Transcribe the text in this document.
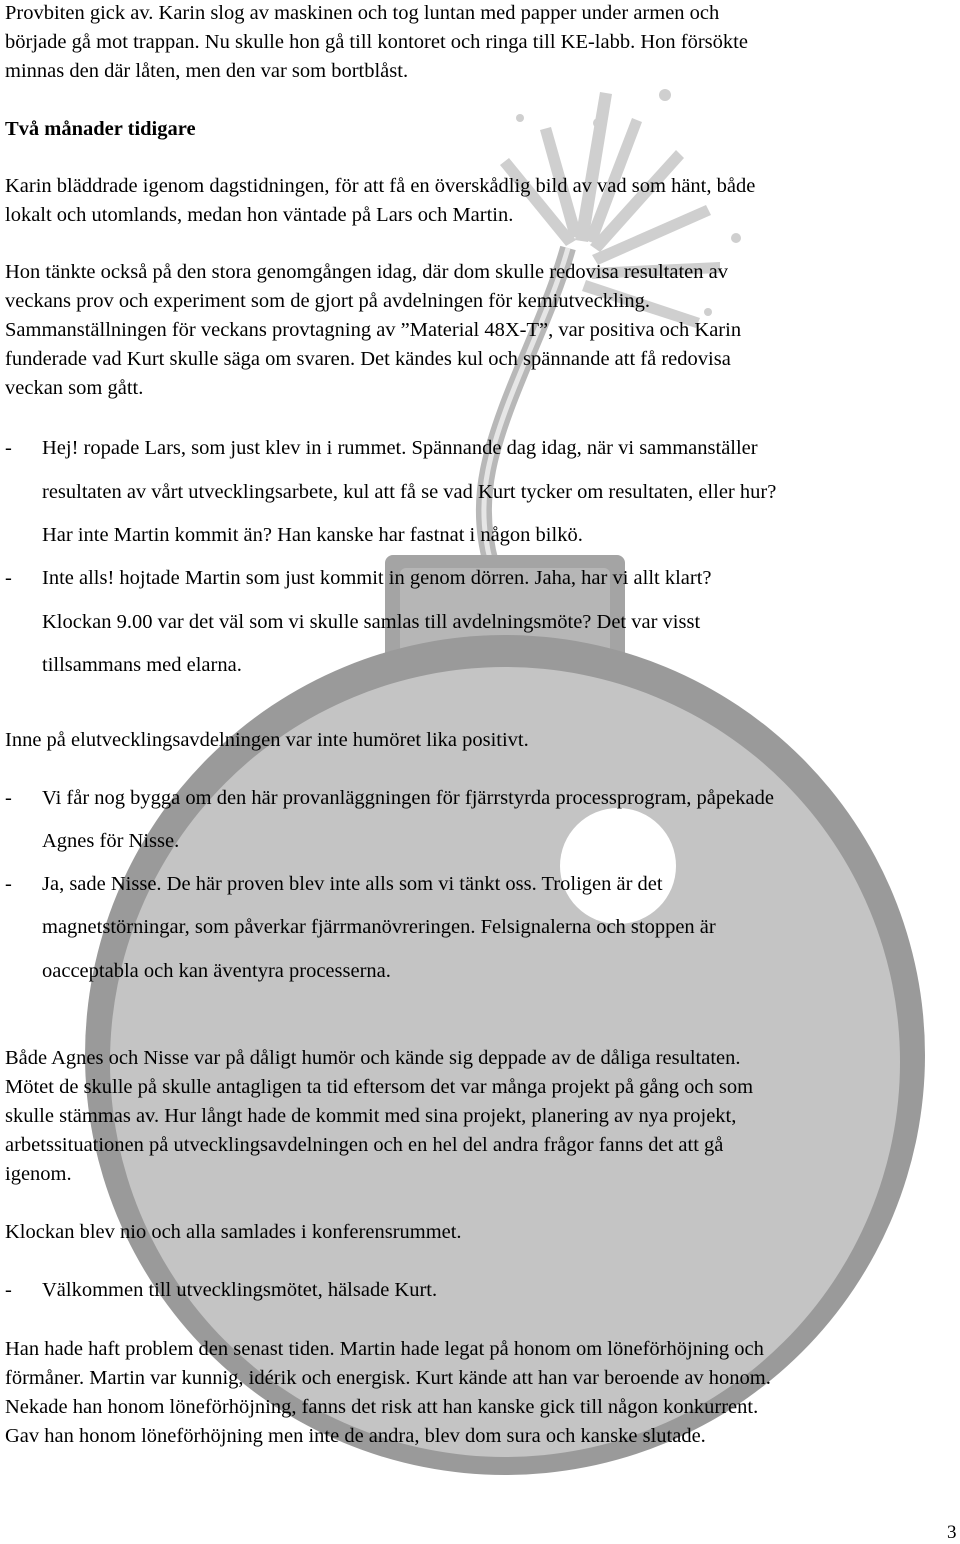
Provbiten gick av. Karin slog av maskinen och tog luntan med papper under armen och
började gå mot trappan. Nu skulle hon gå till kontoret och ringa till KE-labb. Hon försökte
minnas den där låten, men den var som bortblåst.
Två månader tidigare
Karin bläddrade igenom dagstidningen, för att få en överskådlig bild av vad som hänt, både
lokalt och utomlands, medan hon väntade på Lars och Martin.
Hon tänkte också på den stora genomgången idag, där dom skulle redovisa resultaten av
veckans prov och experiment som de gjort på avdelningen för kemiutveckling.
Sammanställningen för veckans provtagning av ”Material 48X-T”, var positiva och Karin
funderade vad Kurt skulle säga om svaren. Det kändes kul och spännande att få redovisa
veckan som gått.
- Hej! ropade Lars, som just klev in i rummet. Spännande dag idag, när vi sammanställer
resultaten av vårt utvecklingsarbete, kul att få se vad Kurt tycker om resultaten, eller hur?
Har inte Martin kommit än? Han kanske har fastnat i någon bilkö.
- Inte alls! hojtade Martin som just kommit in genom dörren. Jaha, har vi allt klart?
Klockan 9.00 var det väl som vi skulle samlas till avdelningsmöte? Det var visst
tillsammans med elarna.
Inne på elutvecklingsavdelningen var inte humöret lika positivt.
- Vi får nog bygga om den här provanläggningen för fjärrstyrda processprogram, påpekade
Agnes för Nisse.
- Ja, sade Nisse. De här proven blev inte alls som vi tänkt oss. Troligen är det
magnetstörningar, som påverkar fjärrmanövreringen. Felsignalerna och stoppen är
oacceptabla och kan äventyra processerna.
Både Agnes och Nisse var på dåligt humör och kände sig deppade av de dåliga resultaten.
Mötet de skulle på skulle antagligen ta tid eftersom det var många projekt på gång och som
skulle stämmas av. Hur långt hade de kommit med sina projekt, planering av nya projekt,
arbetssituationen på utvecklingsavdelningen och en hel del andra frågor fanns det att gå
igenom.
Klockan blev nio och alla samlades i konferensrummet.
- Välkommen till utvecklingsmötet, hälsade Kurt.
Han hade haft problem den senast tiden. Martin hade legat på honom om löneförhöjning och
förmåner. Martin var kunnig, idérik och energisk. Kurt kände att han var beroende av honom.
Nekade han honom löneförhöjning, fanns det risk att han kanske gick till någon konkurrent.
Gav han honom löneförhöjning men inte de andra, blev dom sura och kanske slutade.
3
